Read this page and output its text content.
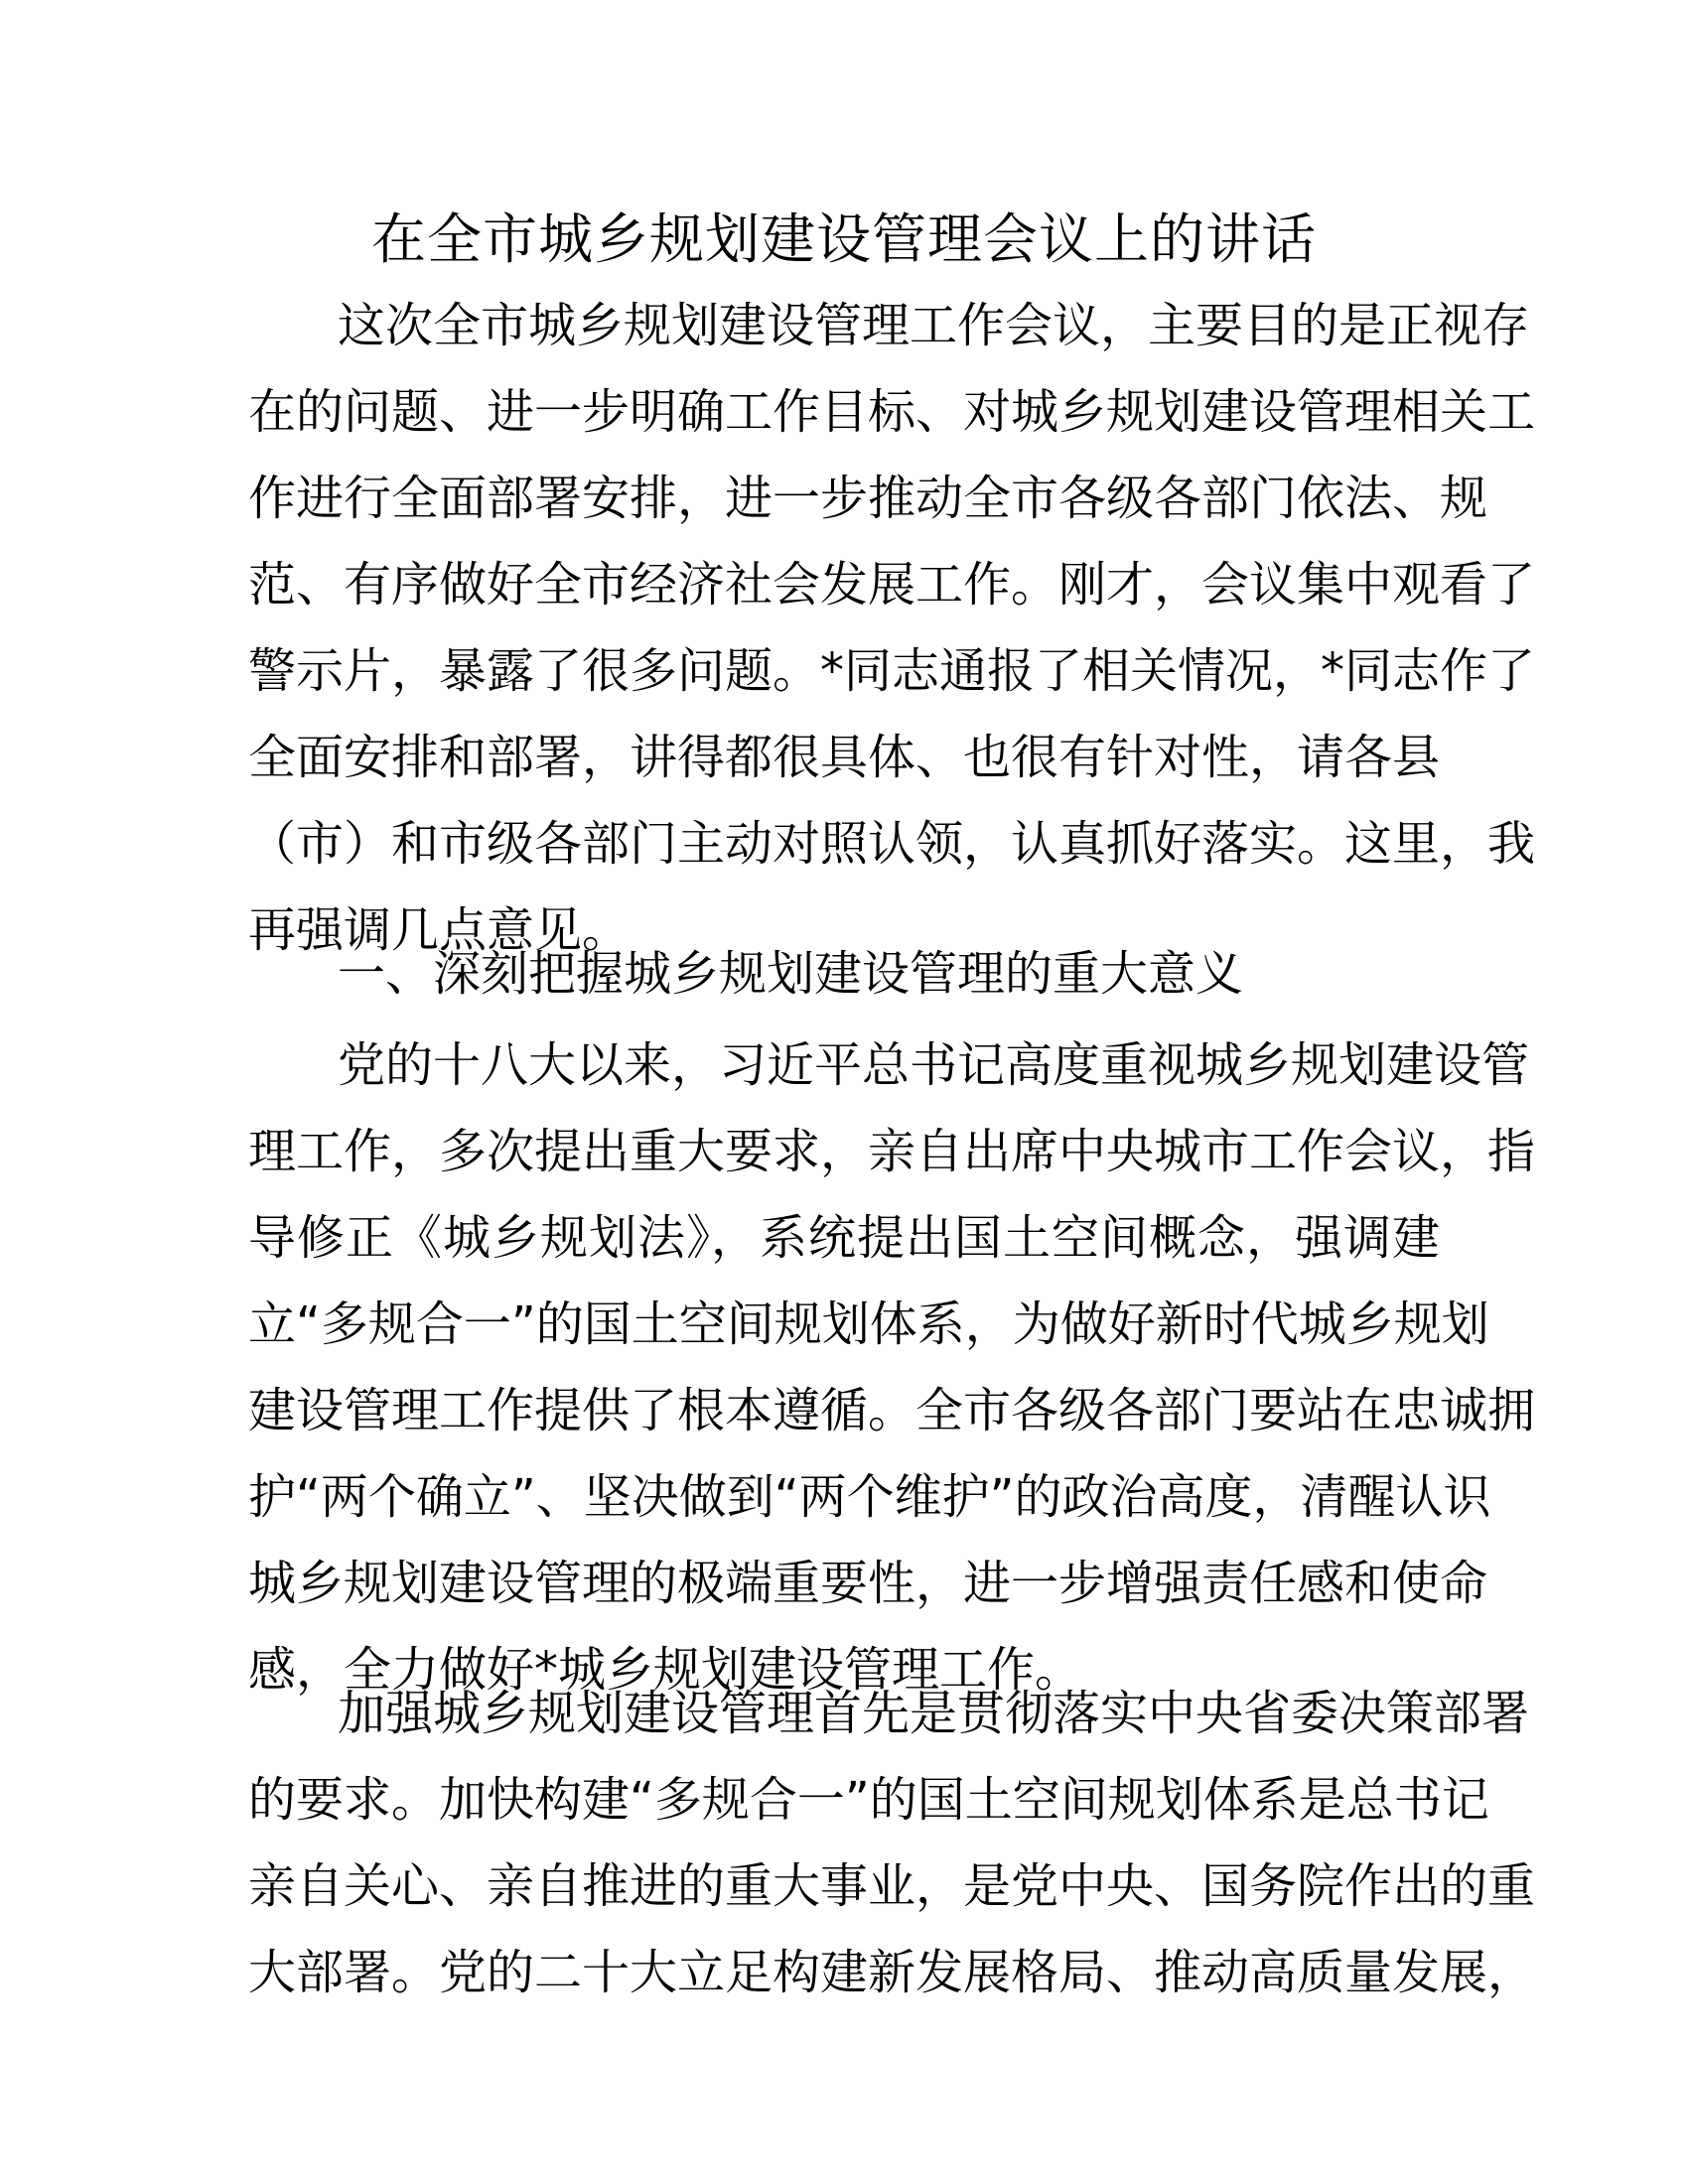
在全市城乡规划建设管理会议上的讲话
这次全市城乡规划建设管理工作会议，主要目的是正视存
在的问题、进一步明确工作目标、对城乡规划建设管理相关工
作进行全面部署安排，进一步推动全市各级各部门依法、规
范、有序做好全市经济社会发展工作。刚才，会议集中观看了
警示片，暴露了很多问题。*同志通报了相关情况，*同志作了
全面安排和部署，讲得都很具体、也很有针对性，请各县
（市）和市级各部门主动对照认领，认真抓好落实。这里，我
再强调几点意见。
一、深刻把握城乡规划建设管理的重大意义
党的十八大以来，习近平总书记高度重视城乡规划建设管
理工作，多次提出重大要求，亲自出席中央城市工作会议，指
导修正《城乡规划法》，系统提出国土空间概念，强调建
立“多规合一”的国土空间规划体系，为做好新时代城乡规划
建设管理工作提供了根本遵循。全市各级各部门要站在忠诚拥
护“两个确立”、坚决做到“两个维护”的政治高度，清醒认识
城乡规划建设管理的极端重要性，进一步增强责任感和使命
感，全力做好*城乡规划建设管理工作。
加强城乡规划建设管理首先是贯彻落实中央省委决策部署
的要求。加快构建“多规合一”的国土空间规划体系是总书记
亲自关心、亲自推进的重大事业，是党中央、国务院作出的重
大部署。党的二十大立足构建新发展格局、推动高质量发展，
